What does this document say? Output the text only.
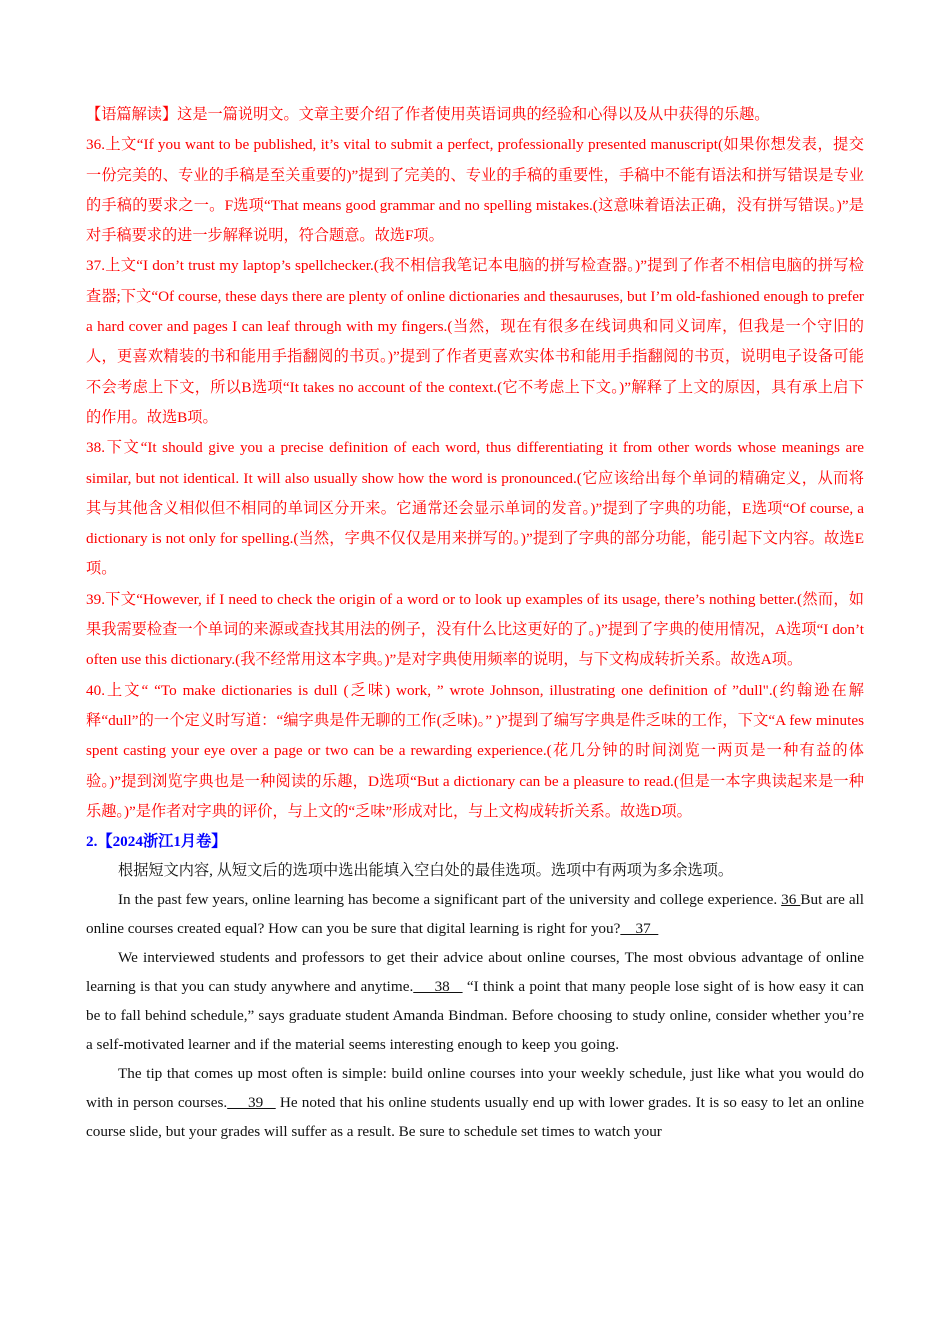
【语篇解读】这是一篇说明文。文章主要介绍了作者使用英语词典的经验和心得以及从中获得的乐趣。

36.上文“If you want to be published, it’s vital to submit a perfect, professionally presented manuscript(如果你想发表，提交一份完美的、专业的手稿是至关重要的)”提到了完美的、专业的手稿的重要性，手稿中不能有语法和拼写错误是专业的手稿的要求之一。F选项“That means good grammar and no spelling mistakes.(这意味着语法正确，没有拼写错误。)”是对手稿要求的进一步解释说明，符合题意。故选F项。

37.上文“I don’t trust my laptop’s spellchecker.(我不相信我笔记本电脑的拼写检查器。)”提到了作者不相信电脑的拼写检查器;下文“Of course, these days there are plenty of online dictionaries and thesauruses, but I’m old-fashioned enough to prefer a hard cover and pages I can leaf through with my fingers.(当然，现在有很多在线词典和同义词库，但我是一个守旧的人，更喜欢精装的书和能用手指翻阅的书页。)”提到了作者更喜欢实体书和能用手指翻阅的书页，说明电子设备可能不会考虑上下文，所以B选项“It takes no account of the context.(它不考虑上下文。)”解释了上文的原因，具有承上启下的作用。故选B项。

38.下文“It should give you a precise definition of each word, thus differentiating it from other words whose meanings are similar, but not identical. It will also usually show how the word is pronounced.(它应该给出每个单词的精确定义，从而将其与其他含义相似但不相同的单词区分开来。它通常还会显示单词的发音。)”提到了字典的功能，E选项“Of course, a dictionary is not only for spelling.(当然，字典不仅仅是用来拼写的。)”提到了字典的部分功能，能引起下文内容。故选E项。

39.下文“However, if I need to check the origin of a word or to look up examples of its usage, there’s nothing better.(然而，如果我需要检查一个单词的来源或查找其用法的例子，没有什么比这更好的了。)”提到了字典的使用情况，A选项“I don’t often use this dictionary.(我不经常用这本字典。)”是对字典使用频率的说明，与下文构成转折关系。故选A项。

40.上文“ “To make dictionaries is dull (乏味) work, ” wrote Johnson, illustrating one definition of ”dull".(约翰逊在解释“dull”的一个定义时写道：“编字典是件无聊的工作(乏味)。” )”提到了编写字典是件乏味的工作，下文“A few minutes spent casting your eye over a page or two can be a rewarding experience.(花几分钟的时间浏览一两页是一种有益的体验。)”提到浏览字典也是一种阅读的乐趣，D选项“But a dictionary can be a pleasure to read.(但是一本字典读起来是一种乐趣。)”是作者对字典的评价，与上文的“乏味”形成对比，与上文构成转折关系。故选D项。

2.【2024浙江1月卷】

根据短文内容, 从短文后的选项中选出能填入空白处的最佳选项。选项中有两项为多余选项。

In the past few years, online learning has become a significant part of the university and college experience. 36 But are all online courses created equal? How can you be sure that digital learning is right for you?    37

We interviewed students and professors to get their advice about online courses, The most obvious advantage of online learning is that you can study anywhere and anytime.     38    “I think a point that many people lose sight of is how easy it can be to fall behind schedule,” says graduate student Amanda Bindman. Before choosing to study online, consider whether you’re a self-motivated learner and if the material seems interesting enough to keep you going.

The tip that comes up most often is simple: build online courses into your weekly schedule, just like what you would do with in person courses.     39    He noted that his online students usually end up with lower grades. It is so easy to let an online course slide, but your grades will suffer as a result. Be sure to schedule set times to watch your
